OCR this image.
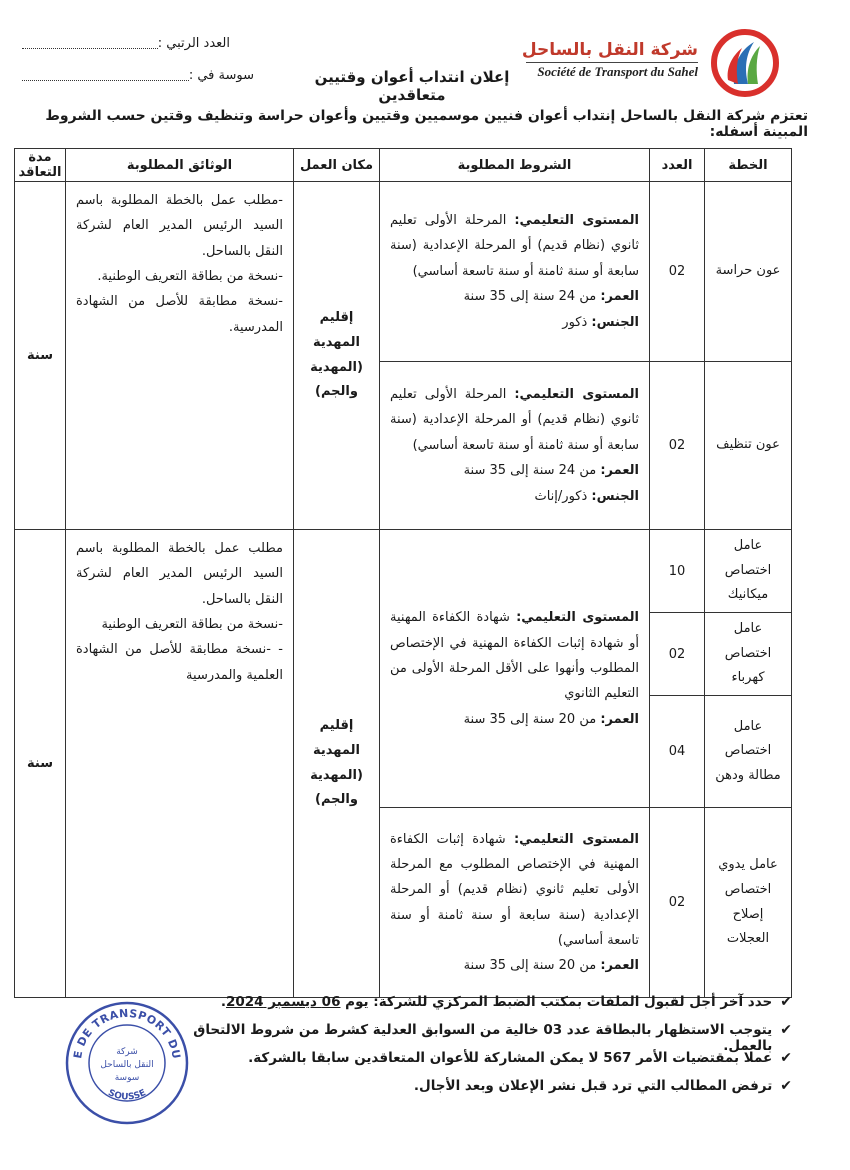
شركة النقل بالساحل
Société de Transport du Sahel
العدد الرتبي :
سوسة في :	إعلان انتداب أعوان وقتيين متعاقدين
تعتزم شركة النقل بالساحل إنتداب أعوان فنيين موسميين وقتيين وأعوان حراسة وتنظيف وقتين حسب الشروط المبينة أسفله:
الخطة	العدد	الشروط المطلوبة	مكان العمل	الوثائق المطلوبة	مدة التعاقد
عون حراسة	02	المستوى التعليمي: المرحلة الأولى تعليم ثانوي (نظام قديم) أو المرحلة الإعدادية (سنة سابعة أو سنة ثامنة أو سنة تاسعة أساسي)
العمر: من 24 سنة إلى 35 سنة
الجنس: ذكور	إقليم
المهدية
(المهدية
والجم)	-مطلب عمل بالخطة المطلوبة باسم السيد الرئيس المدير العام لشركة النقل بالساحل.
-نسخة من بطاقة التعريف الوطنية.
-نسخة مطابقة للأصل من الشهادة المدرسية.	سنة
عون تنظيف	02	المستوى التعليمي: المرحلة الأولى تعليم ثانوي (نظام قديم) أو المرحلة الإعدادية (سنة سابعة أو سنة ثامنة أو سنة تاسعة أساسي)
العمر: من 24 سنة إلى 35 سنة
الجنس: ذكور/إناث			
عامل اختصاص ميكانيك	10	المستوى التعليمي: شهادة الكفاءة المهنية أو شهادة إثبات الكفاءة المهنية في الإختصاص المطلوب وأنهوا على الأقل المرحلة الأولى من التعليم الثانوي
العمر: من 20 سنة إلى 35 سنة	إقليم
المهدية
(المهدية
والجم)	مطلب عمل بالخطة المطلوبة باسم السيد الرئيس المدير العام لشركة النقل بالساحل.
-نسخة من بطاقة التعريف الوطنية
- -نسخة مطابقة للأصل من الشهادة العلمية والمدرسية	سنة
عامل اختصاص كهرباء	02				
عامل اختصاص مطالة ودهن	04				
عامل يدوي اختصاص إصلاح العجلات	02	المستوى التعليمي: شهادة إثبات الكفاءة المهنية في الإختصاص المطلوب مع المرحلة الأولى تعليم ثانوي (نظام قديم) أو المرحلة الإعدادية (سنة سابعة أو سنة ثامنة أو سنة تاسعة أساسي)
العمر: من 20 سنة إلى 35 سنة			
✔
حدد آخر أجل لقبول الملفات بمكتب الضبط المركزي للشركة: يوم 06 ديسمبر 2024.
✔
يتوجب الاستظهار بالبطاقة عدد 03 خالية من السوابق العدلية كشرط من شروط الالتحاق بالعمل.
✔
عملا بمقتضيات الأمر 567 لا يمكن المشاركة للأعوان المتعاقدين سابقا بالشركة.
✔
ترفض المطالب التي ترد قبل نشر الإعلان وبعد الأجال.
E DE TRANSPORT DU
SOUSSE
شركة
النقل بالساحل
سوسة
